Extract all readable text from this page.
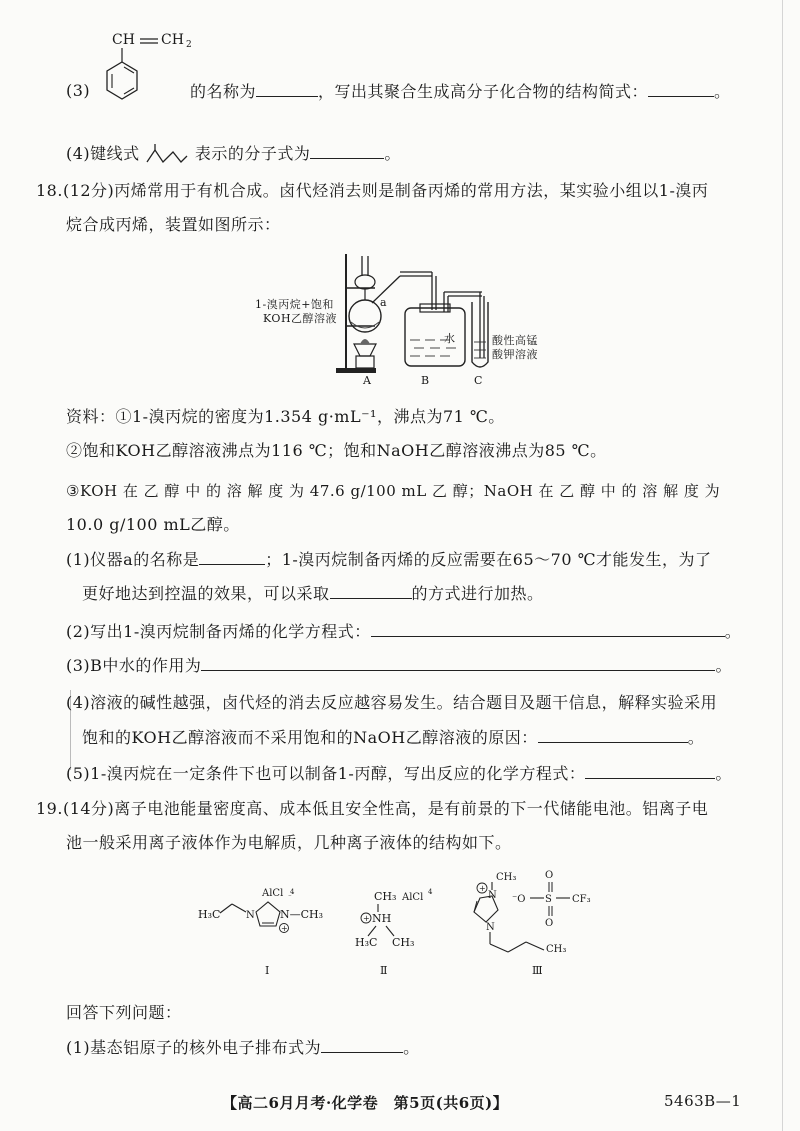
CH CH 2
(3)	的名称为	，写出其聚合生成高分子化合物的结构简式：	。
(4)键线式	表示的分子式为	。
18.(12分)丙烯常用于有机合成。卤代烃消去则是制备丙烯的常用方法，某实验小组以1-溴丙
烷合成丙烯，装置如图所示：
a
1-溴丙烷+饱和
KOH乙醇溶液
水	酸性高锰
酸钾溶液
A	B	C
资料：①1-溴丙烷的密度为1.354 g·mL⁻¹，沸点为71 ℃。
②饱和KOH乙醇溶液沸点为116 ℃；饱和NaOH乙醇溶液沸点为85 ℃。
③KOH 在 乙 醇 中 的 溶 解 度 为 47.6 g/100 mL 乙 醇；NaOH 在 乙 醇 中 的 溶 解 度 为
10.0 g/100 mL乙醇。
(1)仪器a的名称是	；1-溴丙烷制备丙烯的反应需要在65～70 ℃才能发生，为了
更好地达到控温的效果，可以采取	的方式进行加热。
(2)写出1-溴丙烷制备丙烯的化学方程式：	。
(3)B中水的作用为	。
(4)溶液的碱性越强，卤代烃的消去反应越容易发生。结合题目及题干信息，解释实验采用
饱和的KOH乙醇溶液而不采用饱和的NaOH乙醇溶液的原因：	。
(5)1-溴丙烷在一定条件下也可以制备1-丙醇，写出反应的化学方程式：	。
19.(14分)离子电池能量密度高、成本低且安全性高，是有前景的下一代储能电池。铝离子电
池一般采用离子液体作为电解质，几种离子液体的结构如下。
H₃C	N N—CH₃
AlCl ⁻
4
+
Ⅰ
CH₃ AlCl 4
+ NH
H₃C CH₃
Ⅱ
CH₃
+
N
N
CH₃
⁻O S
O
O
CF₃
Ⅲ
回答下列问题：
(1)基态铝原子的核外电子排布式为	。
【高二6月月考·化学卷　第5页(共6页)】	5463B—1
